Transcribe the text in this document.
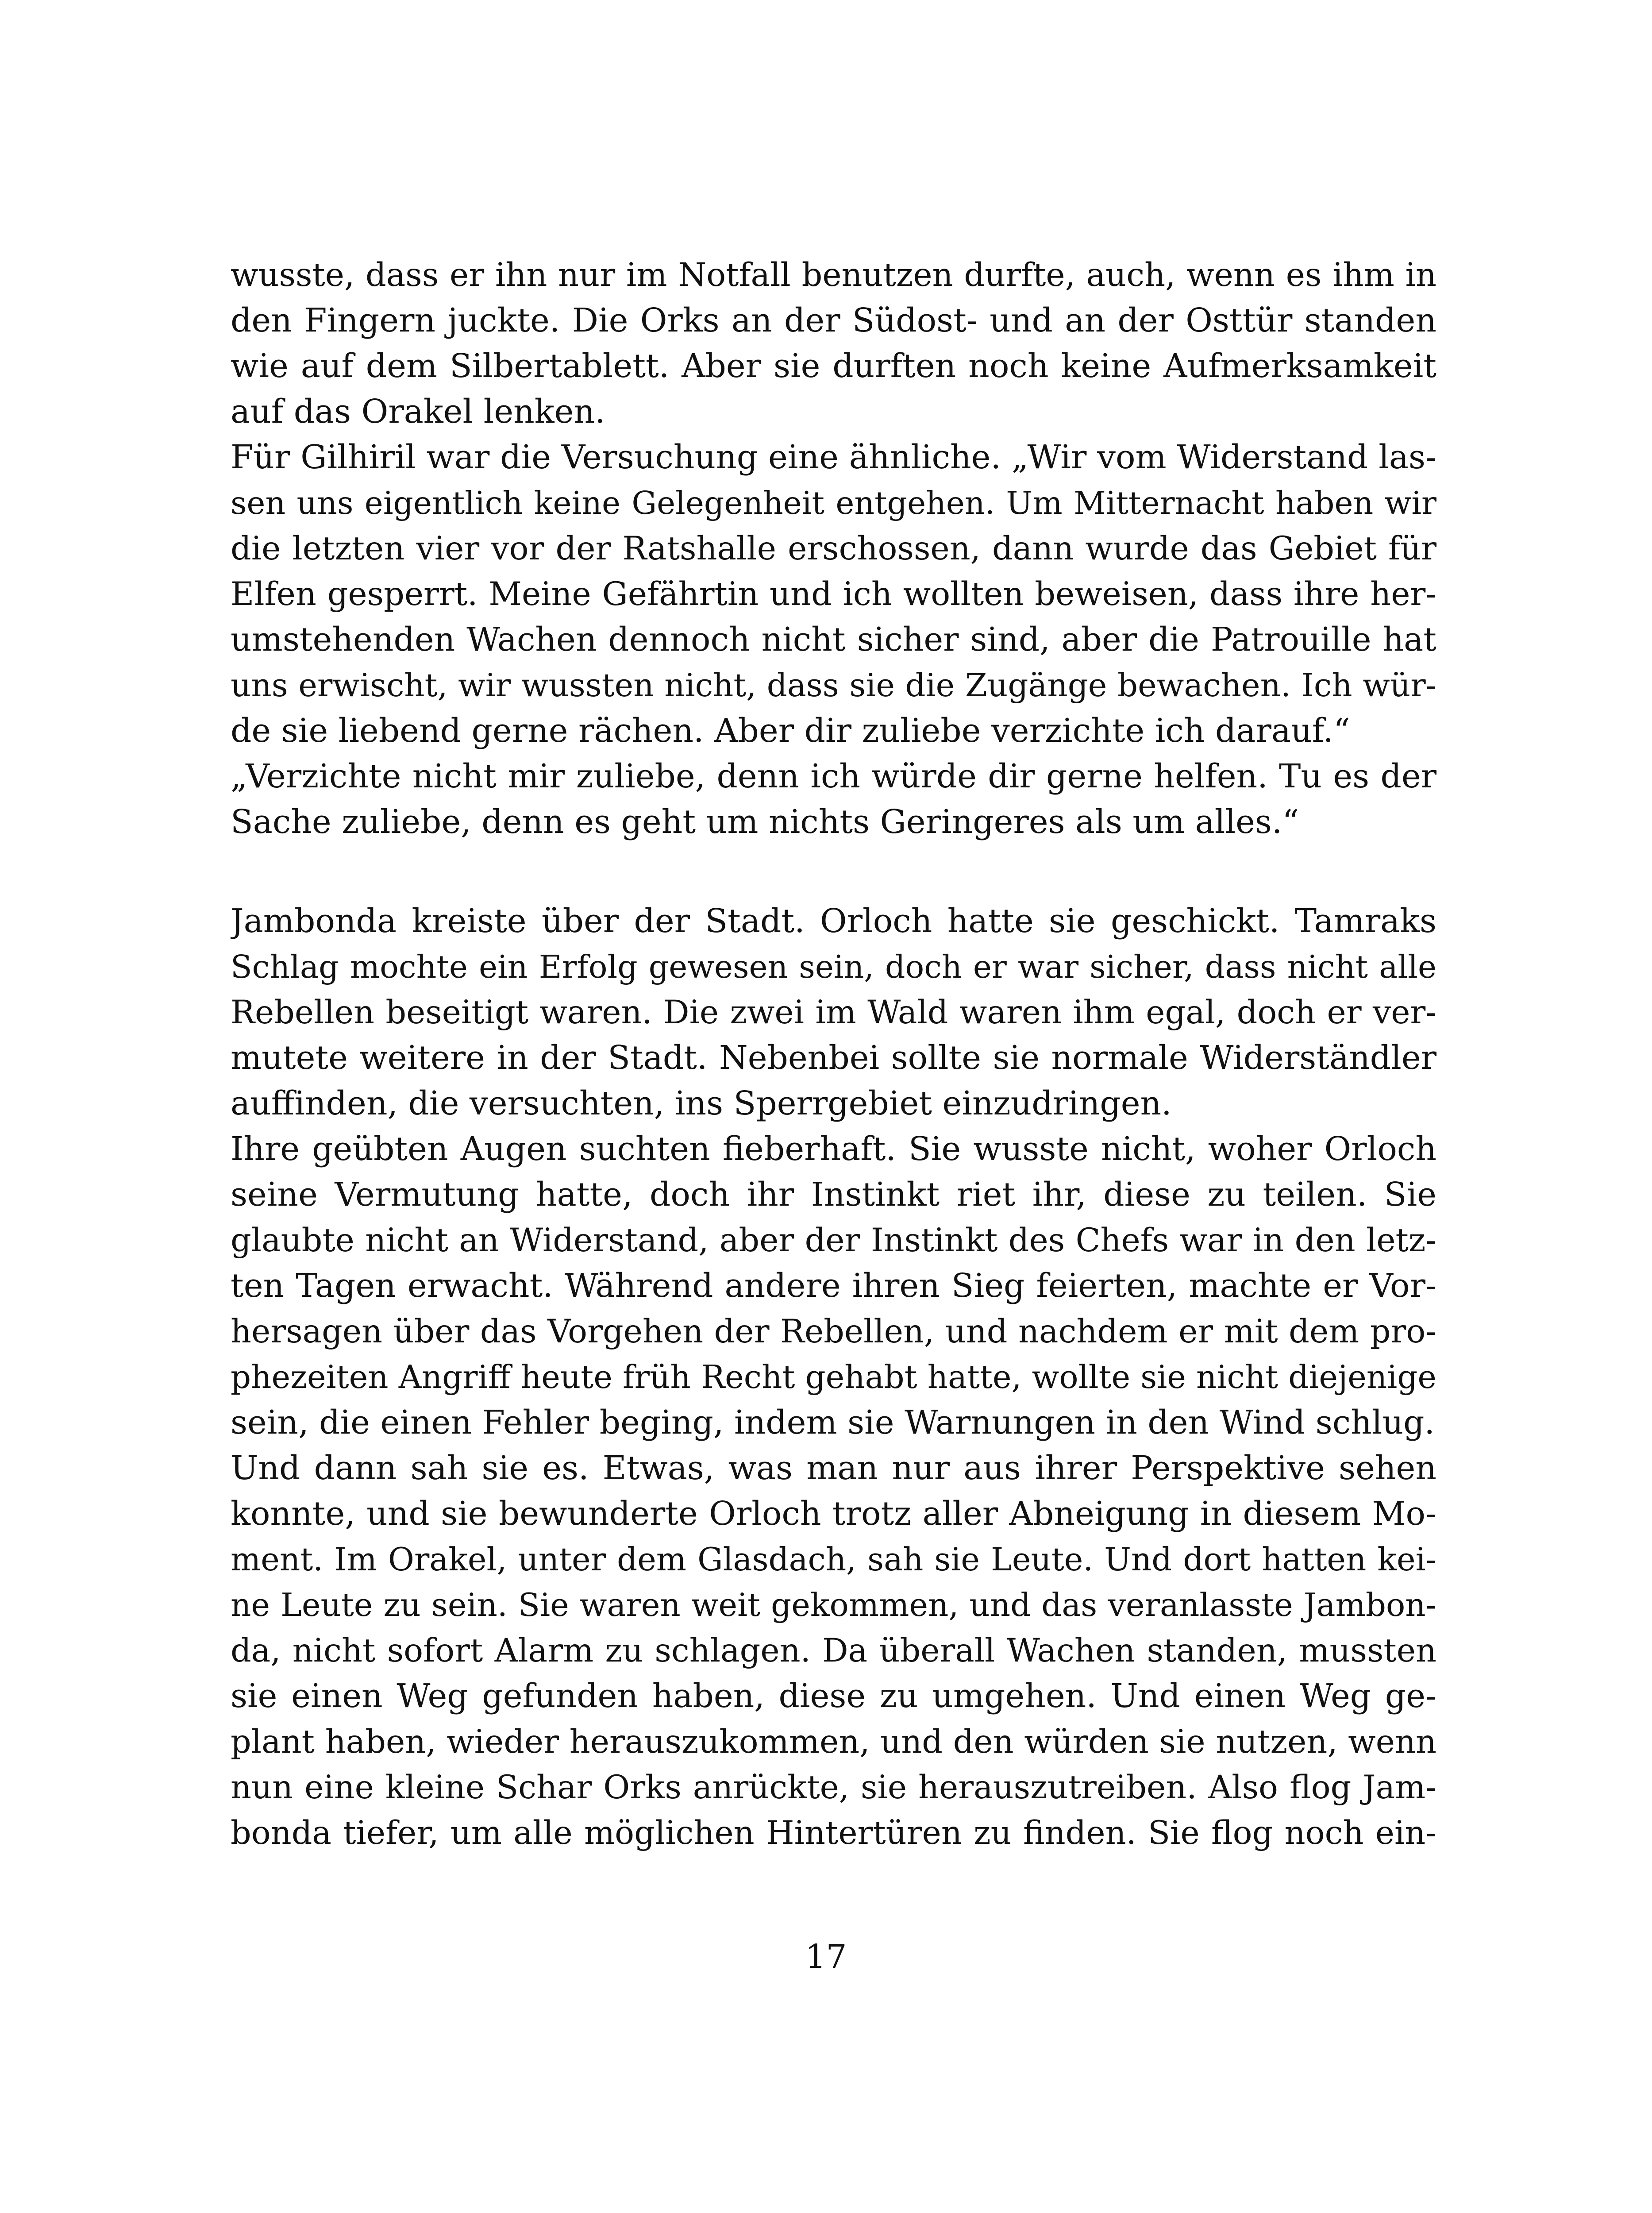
wusste, dass er ihn nur im Notfall benutzen durfte, auch, wenn es ihm in
den Fingern juckte. Die Orks an der Südost- und an der Osttür standen
wie auf dem Silbertablett. Aber sie durften noch keine Aufmerksamkeit
auf das Orakel lenken.
Für Gilhiril war die Versuchung eine ähnliche. „Wir vom Widerstand las-
sen uns eigentlich keine Gelegenheit entgehen. Um Mitternacht haben wir
die letzten vier vor der Ratshalle erschossen, dann wurde das Gebiet für
Elfen gesperrt. Meine Gefährtin und ich wollten beweisen, dass ihre her-
umstehenden Wachen dennoch nicht sicher sind, aber die Patrouille hat
uns erwischt, wir wussten nicht, dass sie die Zugänge bewachen. Ich wür-
de sie liebend gerne rächen. Aber dir zuliebe verzichte ich darauf.“
„Verzichte nicht mir zuliebe, denn ich würde dir gerne helfen. Tu es der
Sache zuliebe, denn es geht um nichts Geringeres als um alles.“
Jambonda kreiste über der Stadt. Orloch hatte sie geschickt. Tamraks
Schlag mochte ein Erfolg gewesen sein, doch er war sicher, dass nicht alle
Rebellen beseitigt waren. Die zwei im Wald waren ihm egal, doch er ver-
mutete weitere in der Stadt. Nebenbei sollte sie normale Widerständler
auffinden, die versuchten, ins Sperrgebiet einzudringen.
Ihre geübten Augen suchten fieberhaft. Sie wusste nicht, woher Orloch
seine Vermutung hatte, doch ihr Instinkt riet ihr, diese zu teilen. Sie
glaubte nicht an Widerstand, aber der Instinkt des Chefs war in den letz-
ten Tagen erwacht. Während andere ihren Sieg feierten, machte er Vor-
hersagen über das Vorgehen der Rebellen, und nachdem er mit dem pro-
phezeiten Angriff heute früh Recht gehabt hatte, wollte sie nicht diejenige
sein, die einen Fehler beging, indem sie Warnungen in den Wind schlug.
Und dann sah sie es. Etwas, was man nur aus ihrer Perspektive sehen
konnte, und sie bewunderte Orloch trotz aller Abneigung in diesem Mo-
ment. Im Orakel, unter dem Glasdach, sah sie Leute. Und dort hatten kei-
ne Leute zu sein. Sie waren weit gekommen, und das veranlasste Jambon-
da, nicht sofort Alarm zu schlagen. Da überall Wachen standen, mussten
sie einen Weg gefunden haben, diese zu umgehen. Und einen Weg ge-
plant haben, wieder herauszukommen, und den würden sie nutzen, wenn
nun eine kleine Schar Orks anrückte, sie herauszutreiben. Also flog Jam-
bonda tiefer, um alle möglichen Hintertüren zu finden. Sie flog noch ein-
17
